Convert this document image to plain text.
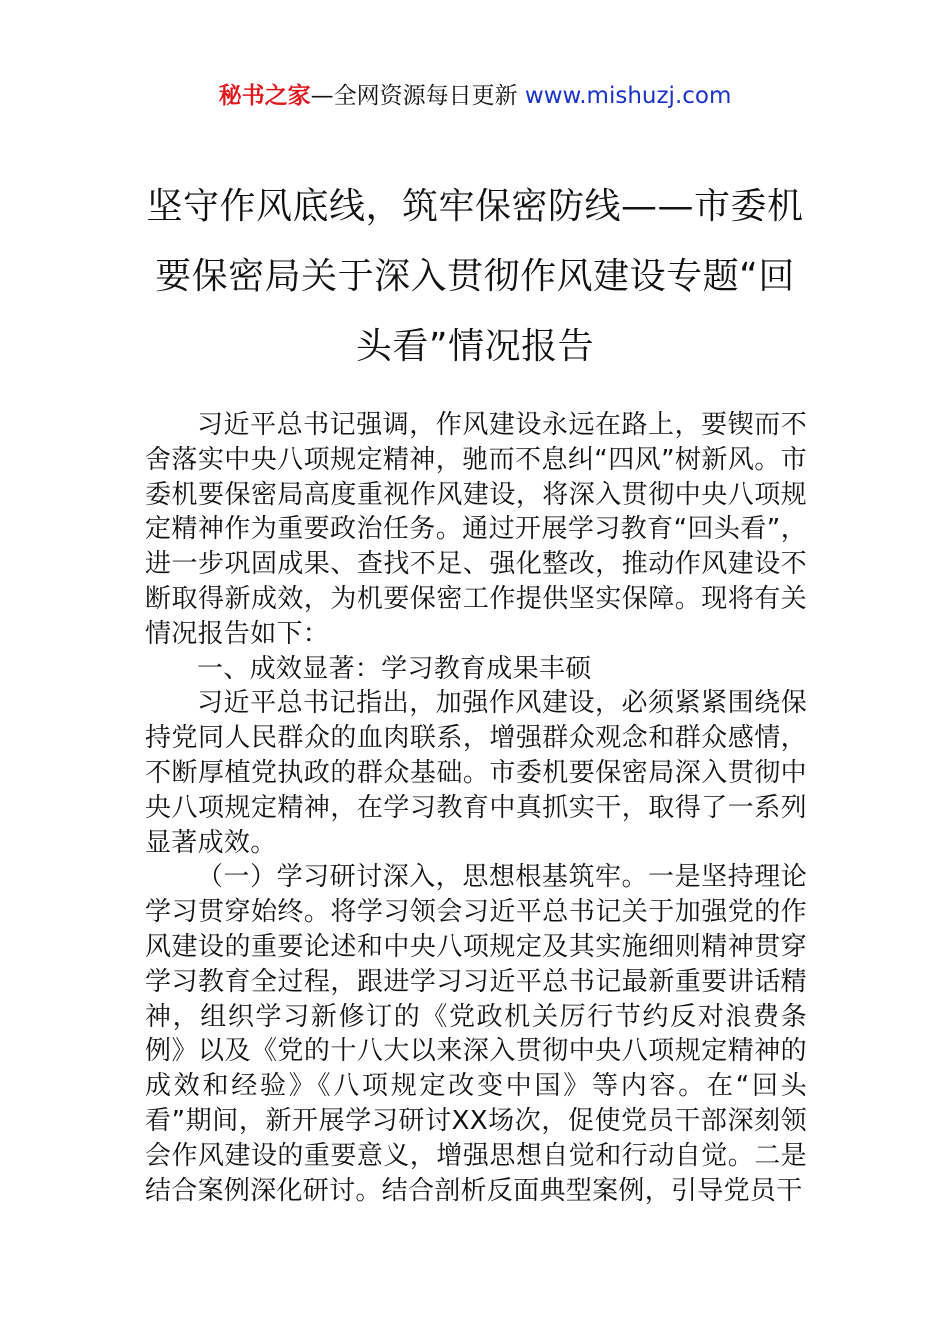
秘书之家—全网资源每日更新 www.mishuzj.com
坚守作风底线，筑牢保密防线——市委机要保密局关于深入贯彻作风建设专题“回头看”情况报告

习近平总书记强调，作风建设永远在路上，要锲而不舍落实中央八项规定精神，驰而不息纠“四风”树新风。市委机要保密局高度重视作风建设，将深入贯彻中央八项规定精神作为重要政治任务。通过开展学习教育“回头看”，进一步巩固成果、查找不足、强化整改，推动作风建设不断取得新成效，为机要保密工作提供坚实保障。现将有关情况报告如下：

一、成效显著：学习教育成果丰硕

习近平总书记指出，加强作风建设，必须紧紧围绕保持党同人民群众的血肉联系，增强群众观念和群众感情，不断厚植党执政的群众基础。市委机要保密局深入贯彻中央八项规定精神，在学习教育中真抓实干，取得了一系列显著成效。

（一）学习研讨深入，思想根基筑牢。一是坚持理论学习贯穿始终。将学习领会习近平总书记关于加强党的作风建设的重要论述和中央八项规定及其实施细则精神贯穿学习教育全过程，跟进学习习近平总书记最新重要讲话精神，组织学习新修订的《党政机关厉行节约反对浪费条例》以及《党的十八大以来深入贯彻中央八项规定精神的成效和经验》《八项规定改变中国》等内容。在“回头看”期间，新开展学习研讨XX场次，促使党员干部深刻领会作风建设的重要意义，增强思想自觉和行动自觉。二是结合案例深化研讨。结合剖析反面典型案例，引导党员干
